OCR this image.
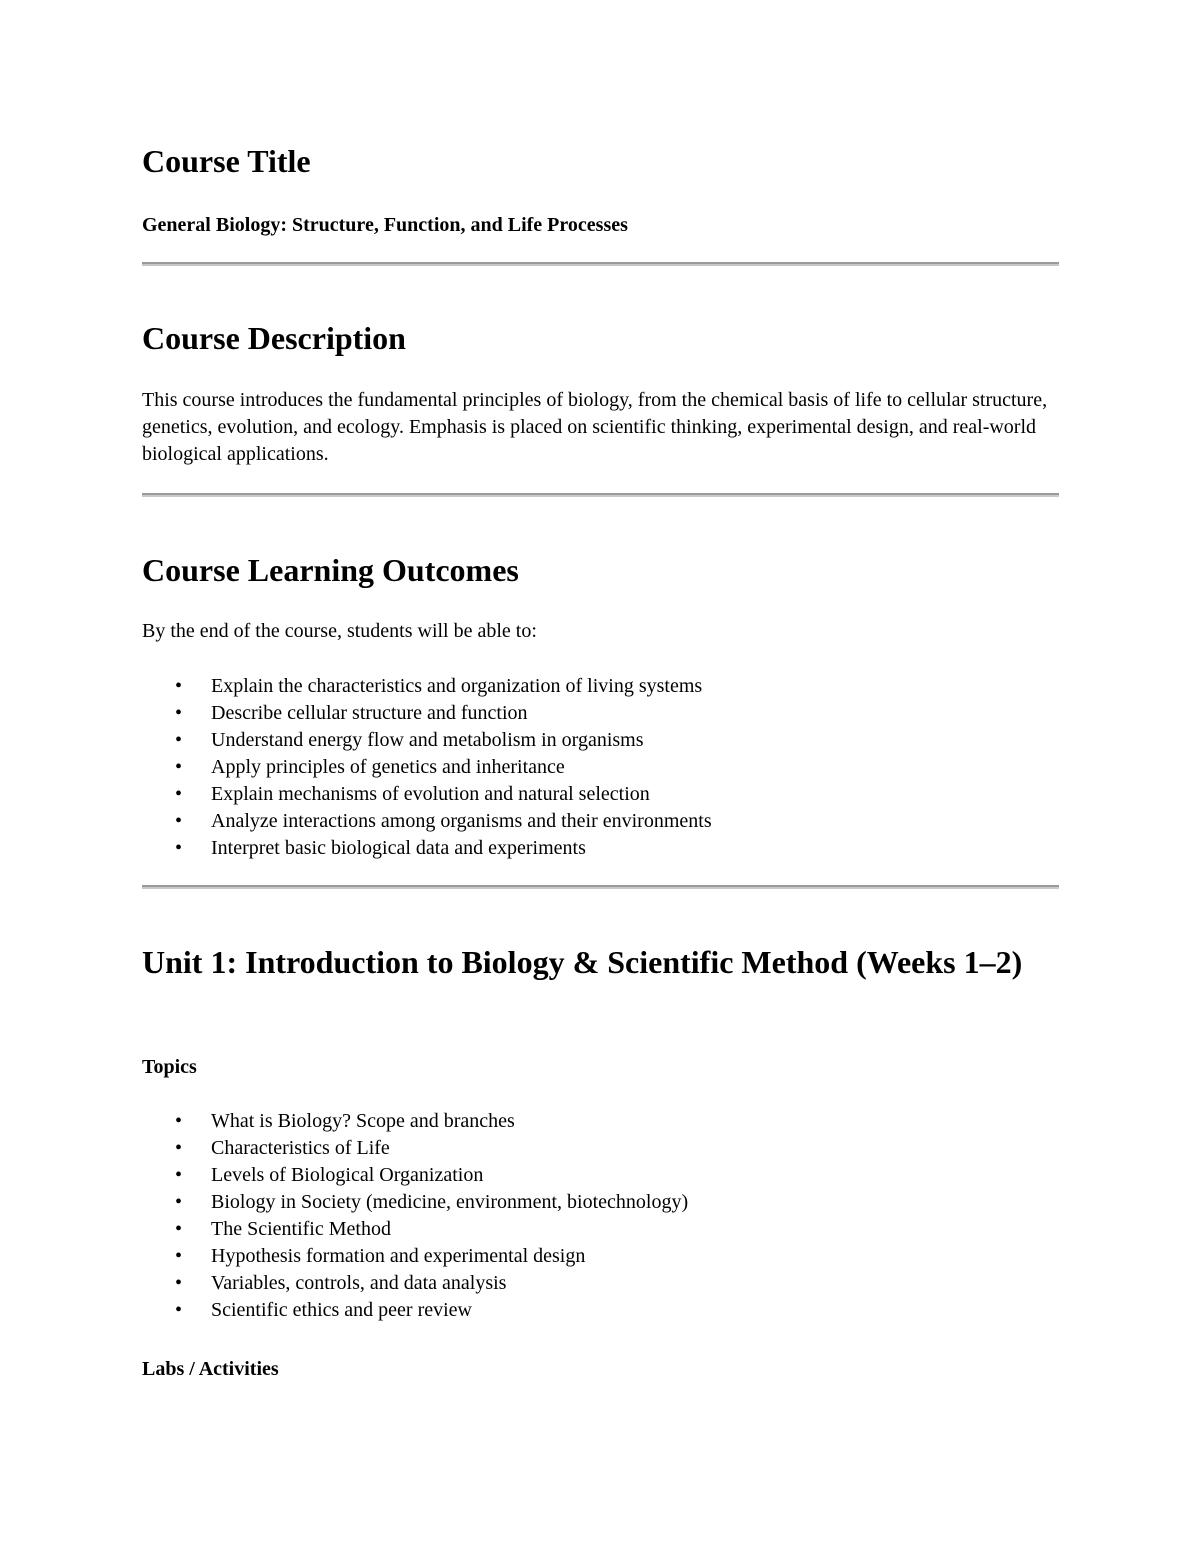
Course Title
General Biology: Structure, Function, and Life Processes
Course Description

This course introduces the fundamental principles of biology, from the chemical basis of life to cellular structure, genetics, evolution, and ecology. Emphasis is placed on scientific thinking, experimental design, and real-world biological applications.

Course Learning Outcomes

By the end of the course, students will be able to:

• Explain the characteristics and organization of living systems
• Describe cellular structure and function
• Understand energy flow and metabolism in organisms
• Apply principles of genetics and inheritance
• Explain mechanisms of evolution and natural selection
• Analyze interactions among organisms and their environments
• Interpret basic biological data and experiments
Unit 1: Introduction to Biology & Scientific Method (Weeks 1–2)
Topics
• What is Biology? Scope and branches
• Characteristics of Life
• Levels of Biological Organization
• Biology in Society (medicine, environment, biotechnology)
• The Scientific Method
• Hypothesis formation and experimental design
• Variables, controls, and data analysis
• Scientific ethics and peer review
Labs / Activities
